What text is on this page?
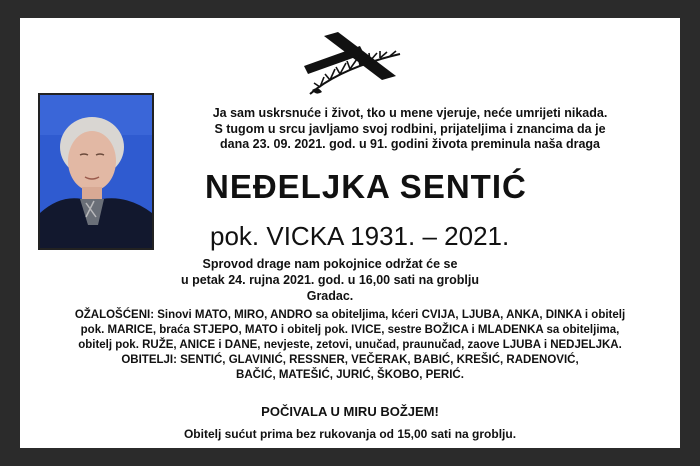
Ja sam uskrsnuće i život, tko u mene vjeruje, neće umrijeti nikada.
S tugom u srcu javljamo svoj rodbini, prijateljima i znancima da je
dana 23. 09. 2021. god. u 91. godini života preminula naša draga
NEĐELJKA SENTIĆ
pok. VICKA 1931. – 2021.
Sprovod drage nam pokojnice održat će se
u petak 24. rujna 2021. god. u 16,00 sati na groblju Gradac.
OŽALOŠĆENI: Sinovi MATO, MIRO, ANDRO sa obiteljima, kćeri CVIJA, LJUBA, ANKA, DINKA i obitelj
pok. MARICE, braća STJEPO, MATO i obitelj pok. IVICE, sestre BOŽICA i MLADENKA sa obiteljima,
obitelj pok. RUŽE, ANICE i DANE, nevjeste, zetovi, unučad, praunučad, zaove LJUBA i NEDJELJKA.
OBITELJI: SENTIĆ, GLAVINIĆ, RESSNER, VEČERAK, BABIĆ, KREŠIĆ, RADENOVIĆ,
BAČIĆ, MATEŠIĆ, JURIĆ, ŠKOBO, PERIĆ.
POČIVALA U MIRU BOŽJEM!
Obitelj sućut prima bez rukovanja od 15,00 sati na groblju.
